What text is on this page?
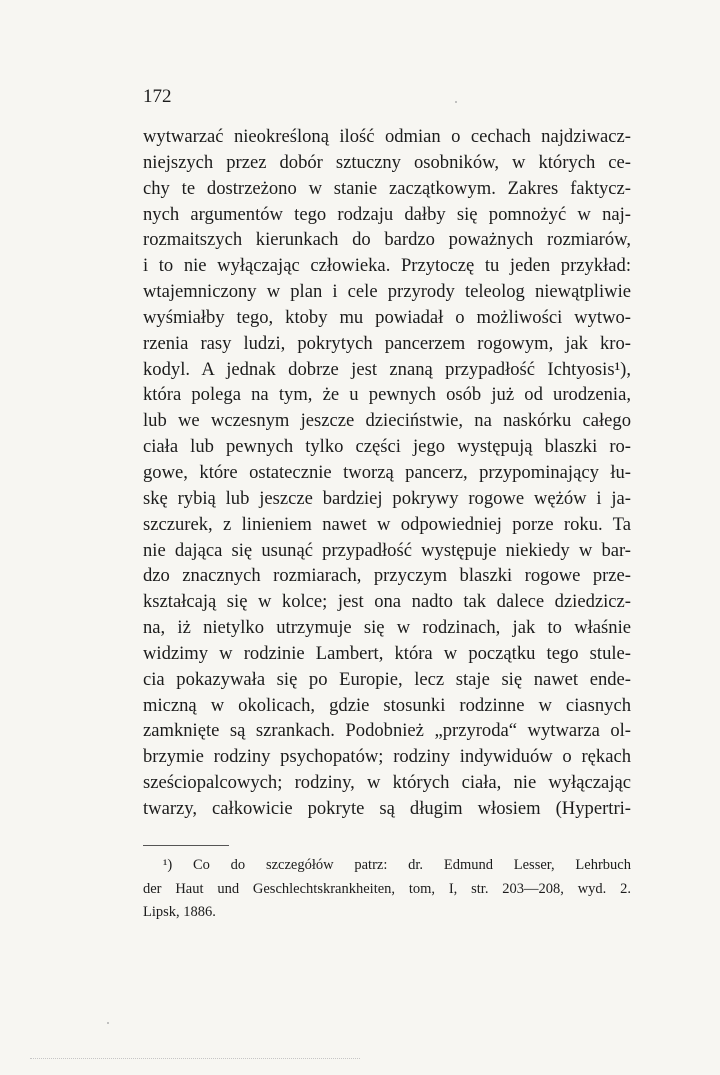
172
wytwarzać nieokreśloną ilość odmian o cechach najdziwacz-
niejszych przez dobór sztuczny osobników, w których ce-
chy te dostrzeżono w stanie zaczątkowym. Zakres faktycz-
nych argumentów tego rodzaju dałby się pomnożyć w naj-
rozmaitszych kierunkach do bardzo poważnych rozmiarów,
i to nie wyłączając człowieka. Przytoczę tu jeden przykład:
wtajemniczony w plan i cele przyrody teleolog niewątpliwie
wyśmiałby tego, ktoby mu powiadał o możliwości wytwo-
rzenia rasy ludzi, pokrytych pancerzem rogowym, jak kro-
kodyl. A jednak dobrze jest znaną przypadłość Ichtyosis¹),
która polega na tym, że u pewnych osób już od urodzenia,
lub we wczesnym jeszcze dzieciństwie, na naskórku całego
ciała lub pewnych tylko części jego występują blaszki ro-
gowe, które ostatecznie tworzą pancerz, przypominający łu-
skę rybią lub jeszcze bardziej pokrywy rogowe wężów i ja-
szczurek, z linieniem nawet w odpowiedniej porze roku. Ta
nie dająca się usunąć przypadłość występuje niekiedy w bar-
dzo znacznych rozmiarach, przyczym blaszki rogowe prze-
kształcają się w kolce; jest ona nadto tak dalece dziedzicz-
na, iż nietylko utrzymuje się w rodzinach, jak to właśnie
widzimy w rodzinie Lambert, która w początku tego stule-
cia pokazywała się po Europie, lecz staje się nawet ende-
miczną w okolicach, gdzie stosunki rodzinne w ciasnych
zamknięte są szrankach. Podobnież „przyroda“ wytwarza ol-
brzymie rodziny psychopatów; rodziny indywiduów o rękach
sześciopalcowych; rodziny, w których ciała, nie wyłączając
twarzy, całkowicie pokryte są długim włosiem (Hypertri-
¹) Co do szczegółów patrz: dr. Edmund Lesser, Lehrbuch
der Haut und Geschlechtskrankheiten, tom, I, str. 203—208, wyd. 2.
Lipsk, 1886.
